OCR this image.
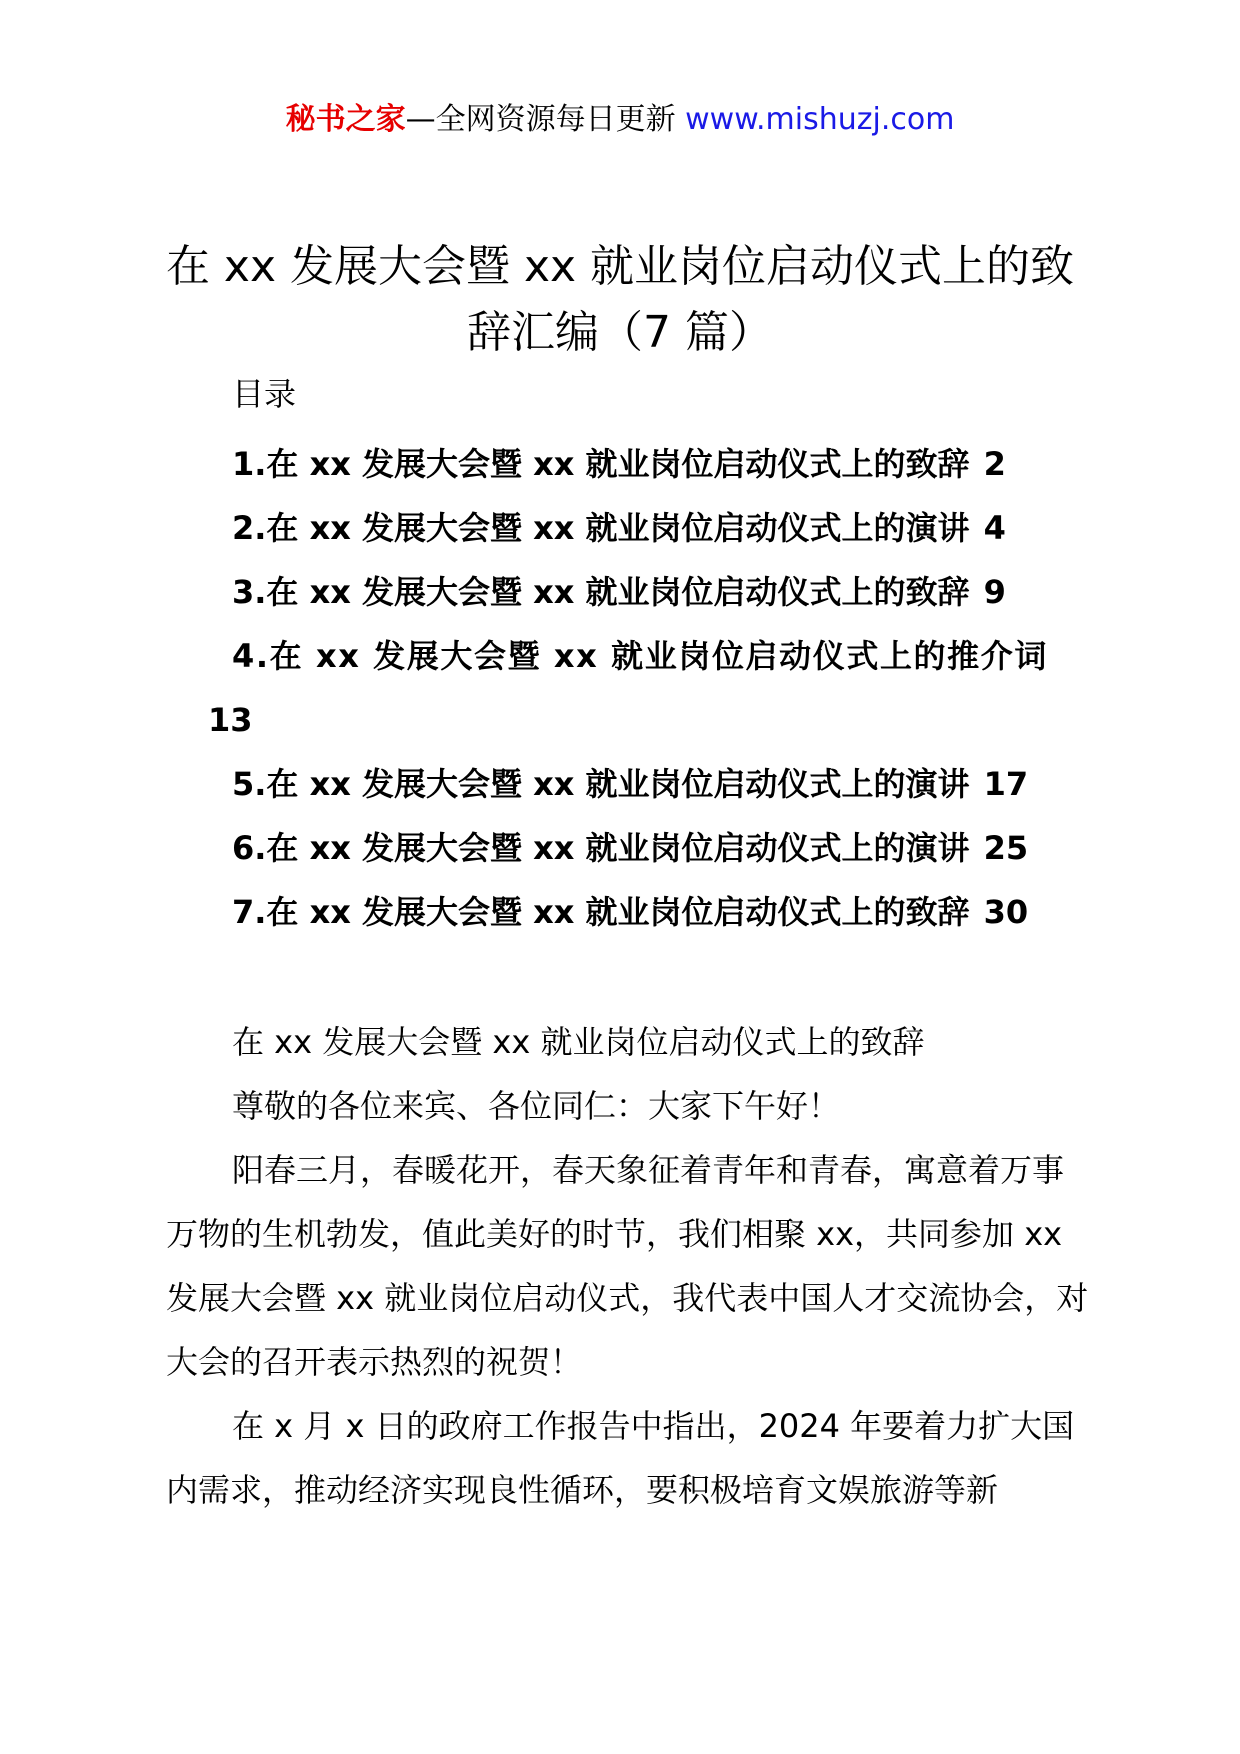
秘书之家—全网资源每日更新 www.mishuzj.com
在 xx 发展大会暨 xx 就业岗位启动仪式上的致辞汇编（7 篇）
目录
1.在 xx 发展大会暨 xx 就业岗位启动仪式上的致辞 2
2.在 xx 发展大会暨 xx 就业岗位启动仪式上的演讲 4
3.在 xx 发展大会暨 xx 就业岗位启动仪式上的致辞 9
4.在 xx 发展大会暨 xx 就业岗位启动仪式上的推介词
13
5.在 xx 发展大会暨 xx 就业岗位启动仪式上的演讲 17
6.在 xx 发展大会暨 xx 就业岗位启动仪式上的演讲 25
7.在 xx 发展大会暨 xx 就业岗位启动仪式上的致辞 30

在 xx 发展大会暨 xx 就业岗位启动仪式上的致辞

尊敬的各位来宾、各位同仁：大家下午好！

阳春三月，春暖花开，春天象征着青年和青春，寓意着万事万物的生机勃发，值此美好的时节，我们相聚 xx，共同参加 xx 发展大会暨 xx 就业岗位启动仪式，我代表中国人才交流协会，对大会的召开表示热烈的祝贺！

在 x 月 x 日的政府工作报告中指出，2024 年要着力扩大国内需求，推动经济实现良性循环，要积极培育文娱旅游等新
